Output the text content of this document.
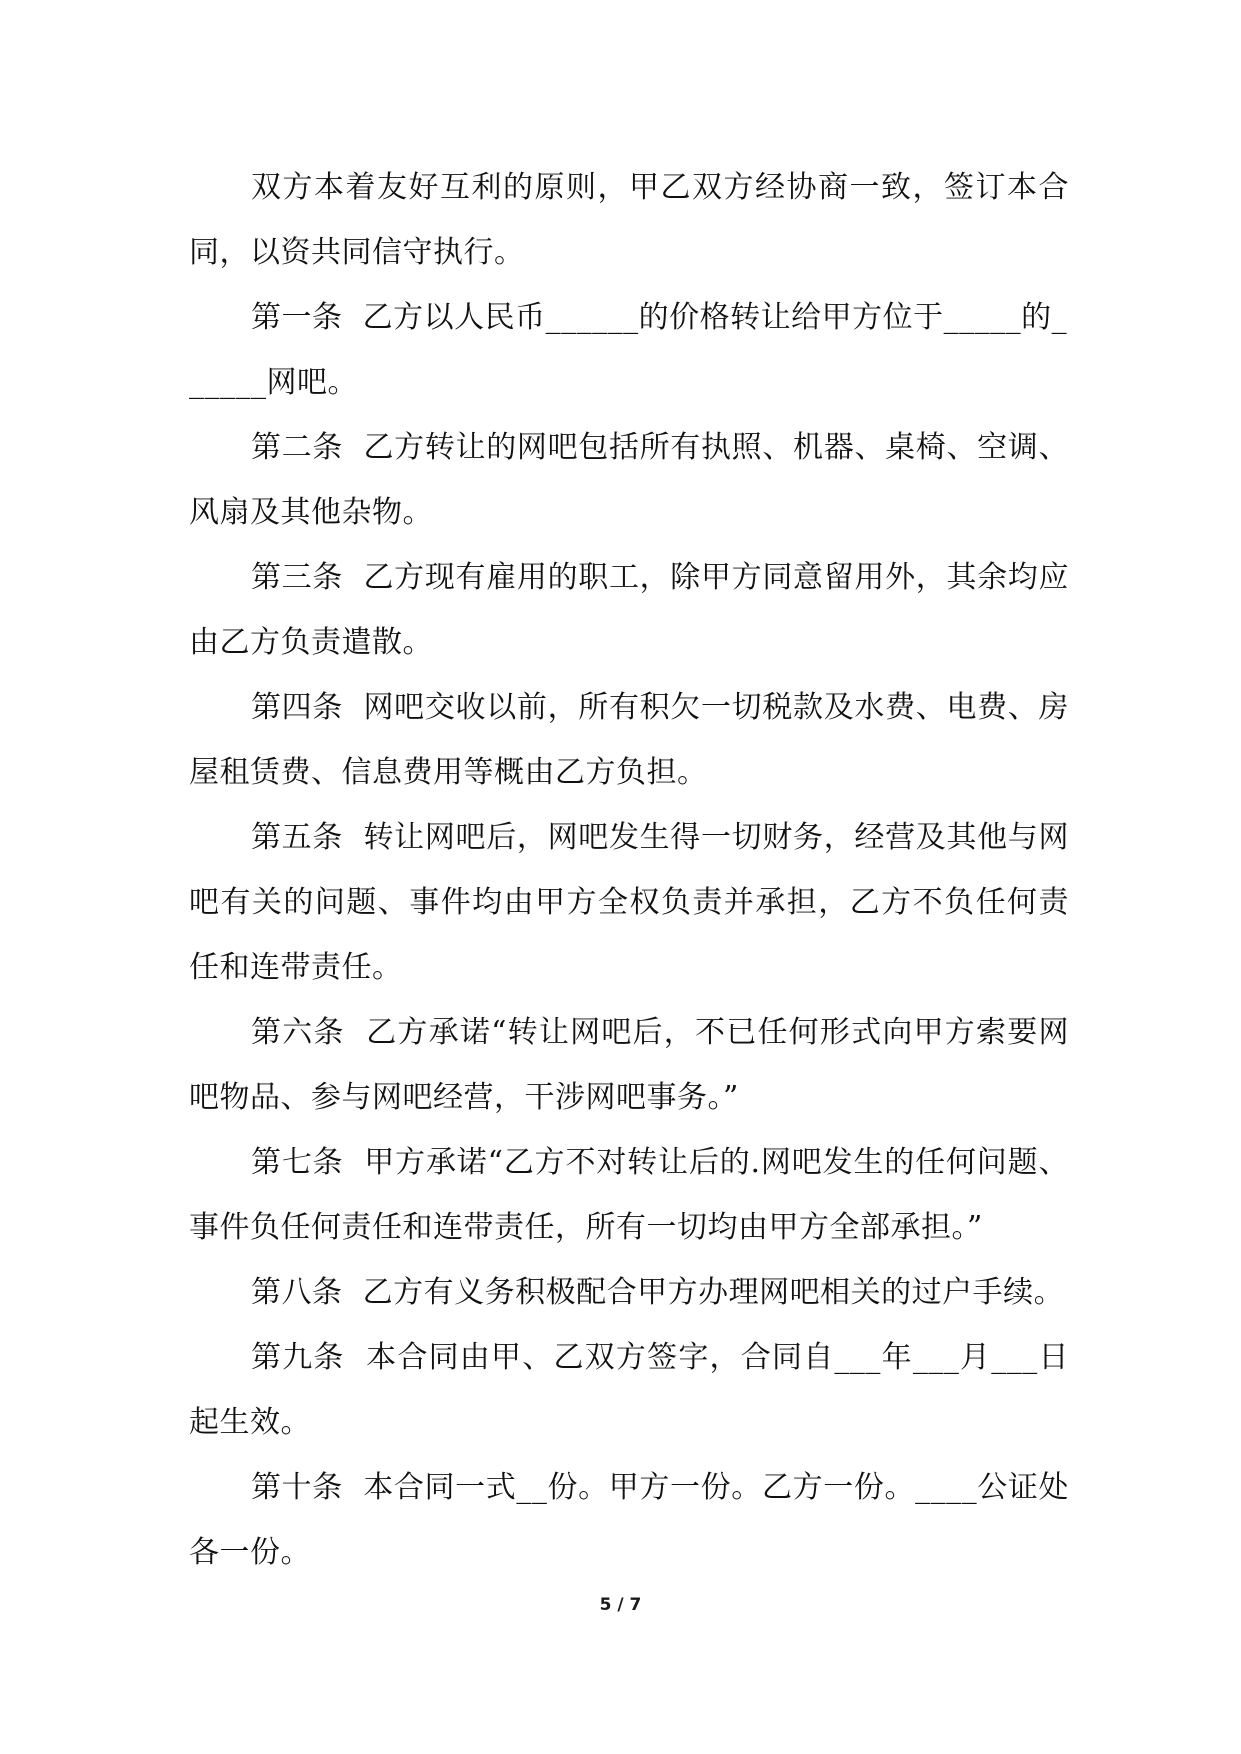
双方本着友好互利的原则，甲乙双方经协商一致，签订本合同，以资共同信守执行。

第一条  乙方以人民币______的价格转让给甲方位于_____的______网吧。

第二条  乙方转让的网吧包括所有执照、机器、桌椅、空调、风扇及其他杂物。

第三条  乙方现有雇用的职工，除甲方同意留用外，其余均应由乙方负责遣散。

第四条  网吧交收以前，所有积欠一切税款及水费、电费、房屋租赁费、信息费用等概由乙方负担。

第五条  转让网吧后，网吧发生得一切财务，经营及其他与网吧有关的问题、事件均由甲方全权负责并承担，乙方不负任何责任和连带责任。

第六条  乙方承诺“转让网吧后，不已任何形式向甲方索要网吧物品、参与网吧经营，干涉网吧事务。”

第七条  甲方承诺“乙方不对转让后的.网吧发生的任何问题、事件负任何责任和连带责任，所有一切均由甲方全部承担。”

第八条  乙方有义务积极配合甲方办理网吧相关的过户手续。

第九条  本合同由甲、乙双方签字，合同自___年___月___日起生效。

第十条  本合同一式__份。甲方一份。乙方一份。____公证处各一份。

5 / 7
